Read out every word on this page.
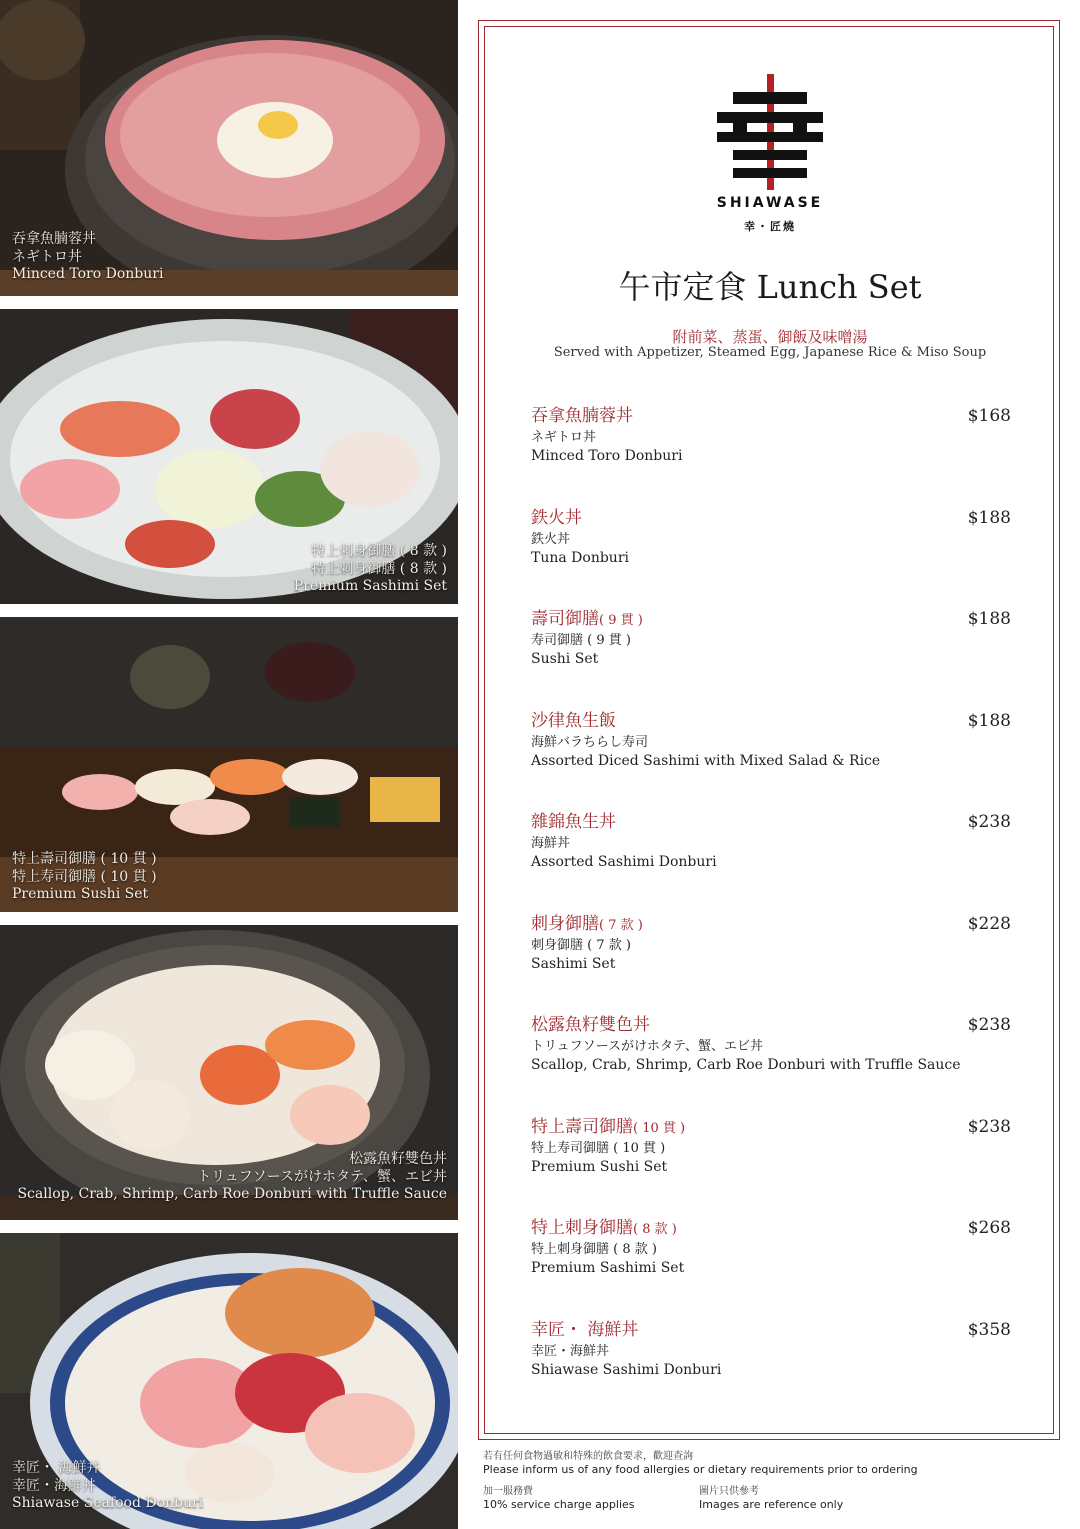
吞拿魚腩蓉丼
ネギトロ丼
Minced Toro Donburi
特上刺身御膳 ( 8 款 )
特上刺身御膳 ( 8 款 )
Premium Sashimi Set
特上壽司御膳 ( 10 貫 )
特上寿司御膳 ( 10 貫 )
Premium Sushi Set
松露魚籽雙色丼
トリュフソースがけホタテ、蟹、エビ丼
Scallop, Crab, Shrimp, Carb Roe Donburi with Truffle Sauce
幸匠・ 海鮮丼
幸匠・海鮮丼
Shiawase Seafood Donburi
SHIAWASE
幸・匠燒
午市定食 Lunch Set
附前菜、蒸蛋、御飯及味噌湯
Served with Appetizer, Steamed Egg, Japanese Rice & Miso Soup
吞拿魚腩蓉丼
ネギトロ丼
Minced Toro Donburi
$168
鉄火丼
鉄火丼
Tuna Donburi
$188
壽司御膳( 9 貫 )
寿司御膳 ( 9 貫 )
Sushi Set
$188
沙律魚生飯
海鮮バラちらし寿司
Assorted Diced Sashimi with Mixed Salad & Rice
$188
雜錦魚生丼
海鮮丼
Assorted Sashimi Donburi
$238
刺身御膳( 7 款 )
刺身御膳 ( 7 款 )
Sashimi Set
$228
松露魚籽雙色丼
トリュフソースがけホタテ、蟹、エビ丼
Scallop, Crab, Shrimp, Carb Roe Donburi with Truffle Sauce
$238
特上壽司御膳( 10 貫 )
特上寿司御膳 ( 10 貫 )
Premium Sushi Set
$238
特上刺身御膳( 8 款 )
特上刺身御膳 ( 8 款 )
Premium Sashimi Set
$268
幸匠・ 海鮮丼
幸匠・海鮮丼
Shiawase Sashimi Donburi
$358
若有任何食物過敏和特殊的飲食要求，歡迎查詢
Please inform us of any food allergies or dietary requirements prior to ordering
加一服務費
10% service charge applies
圖片只供參考
Images are reference only
